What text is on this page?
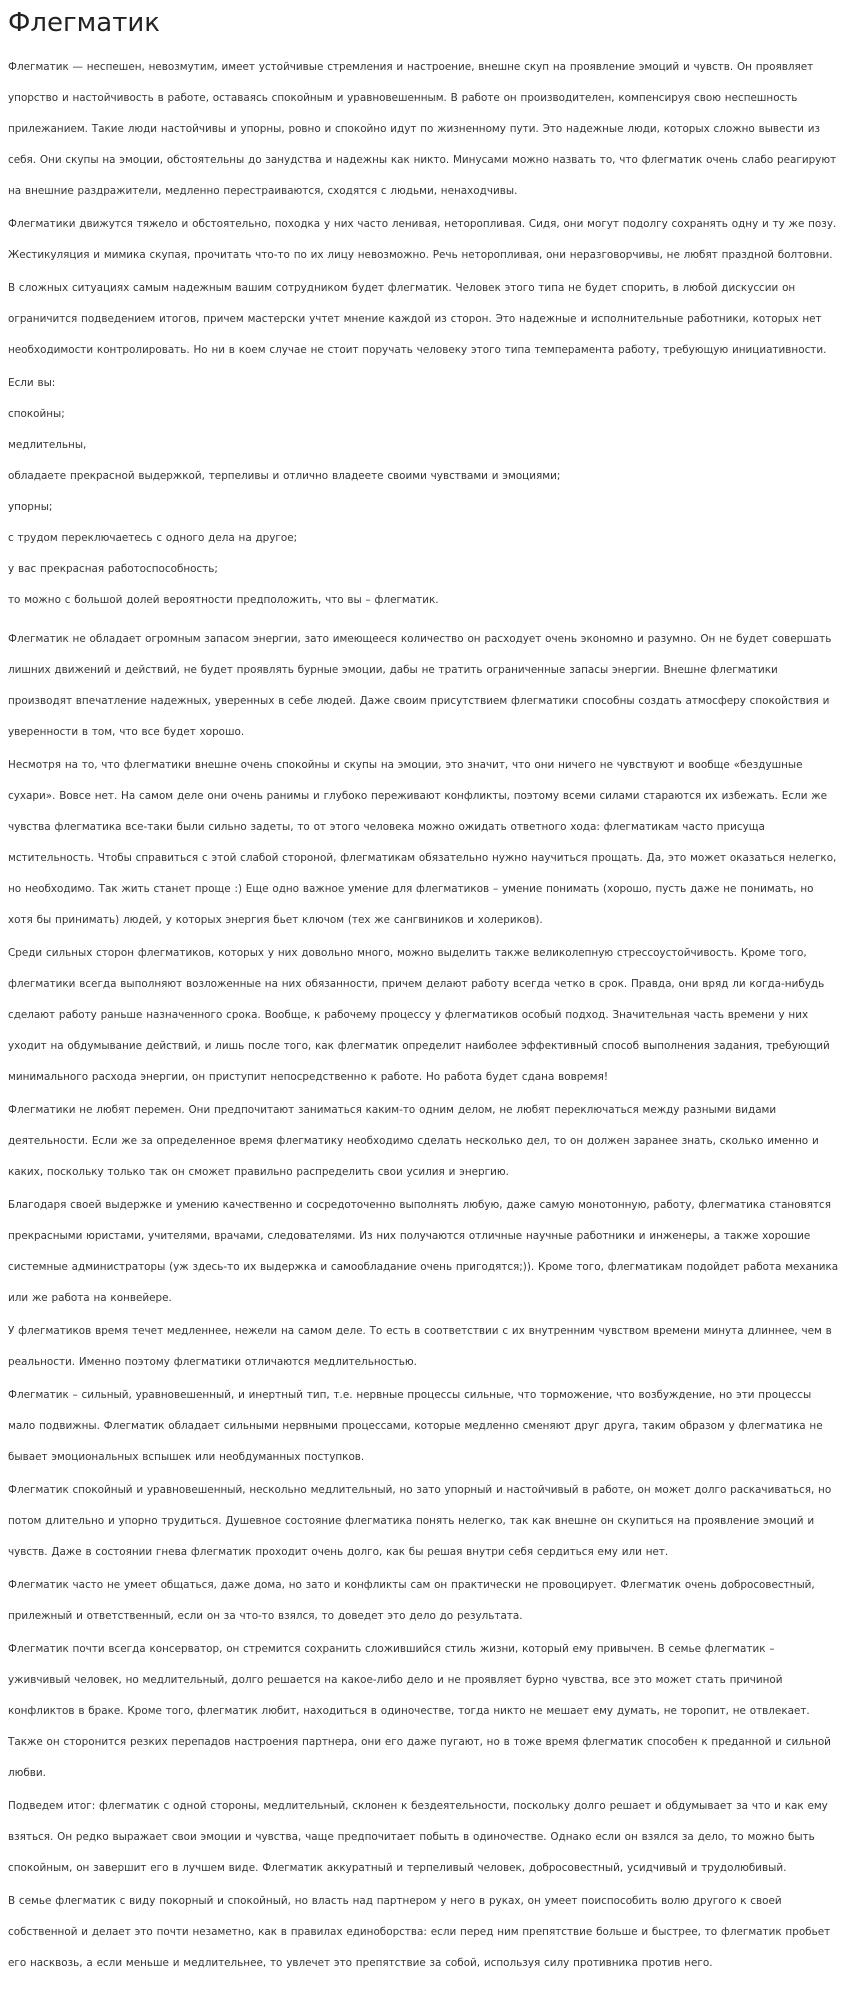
Флегматик

Флегматик — неспешен, невозмутим, имеет устойчивые стремления и настроение, внешне скуп на проявление эмоций и чувств. Он проявляет упорство и настойчивость в работе, оставаясь спокойным и уравновешенным. В работе он производителен, компенсируя свою неспешность прилежанием. Такие люди настойчивы и упорны, ровно и спокойно идут по жизненному пути. Это надежные люди, которых сложно вывести из себя. Они скупы на эмоции, обстоятельны до занудства и надежны как никто. Минусами можно назвать то, что флегматик очень слабо реагируют на внешние раздражители, медленно перестраиваются, сходятся с людьми, ненаходчивы.

Флегматики движутся тяжело и обстоятельно, походка у них часто ленивая, неторопливая. Сидя, они могут подолгу сохранять одну и ту же позу. Жестикуляция и мимика скупая, прочитать что-то по их лицу невозможно. Речь неторопливая, они неразговорчивы, не любят праздной болтовни.

В сложных ситуациях самым надежным вашим сотрудником будет флегматик. Человек этого типа не будет спорить, в любой дискуссии он ограничится подведением итогов, причем мастерски учтет мнение каждой из сторон. Это надежные и исполнительные работники, которых нет необходимости контролировать. Но ни в коем случае не стоит поручать человеку этого типа темперамента работу, требующую инициативности.

Если вы:

спокойны;

медлительны,

обладаете прекрасной выдержкой, терпеливы и отлично владеете своими чувствами и эмоциями;

упорны;

с трудом переключаетесь с одного дела на другое;

у вас прекрасная работоспособность;

то можно с большой долей вероятности предположить, что вы – флегматик.

Флегматик не обладает огромным запасом энергии, зато имеющееся количество он расходует очень экономно и разумно. Он не будет совершать лишних движений и действий, не будет проявлять бурные эмоции, дабы не тратить ограниченные запасы энергии. Внешне флегматики производят впечатление надежных, уверенных в себе людей. Даже своим присутствием флегматики способны создать атмосферу спокойствия и уверенности в том, что все будет хорошо.

Несмотря на то, что флегматики внешне очень спокойны и скупы на эмоции, это значит, что они ничего не чувствуют и вообще «бездушные сухари». Вовсе нет. На самом деле они очень ранимы и глубоко переживают конфликты, поэтому всеми силами стараются их избежать. Если же чувства флегматика все-таки были сильно задеты, то от этого человека можно ожидать ответного хода: флегматикам часто присуща мстительность. Чтобы справиться с этой слабой стороной, флегматикам обязательно нужно научиться прощать. Да, это может оказаться нелегко, но необходимо. Так жить станет проще :) Еще одно важное умение для флегматиков – умение понимать (хорошо, пусть даже не понимать, но хотя бы принимать) людей, у которых энергия бьет ключом (тех же сангвиников и холериков).

Среди сильных сторон флегматиков, которых у них довольно много, можно выделить также великолепную стрессоустойчивость. Кроме того, флегматики всегда выполняют возложенные на них обязанности, причем делают работу всегда четко в срок. Правда, они вряд ли когда-нибудь сделают работу раньше назначенного срока. Вообще, к рабочему процессу у флегматиков особый подход. Значительная часть времени у них уходит на обдумывание действий, и лишь после того, как флегматик определит наиболее эффективный способ выполнения задания, требующий минимального расхода энергии, он приступит непосредственно к работе. Но работа будет сдана вовремя!

Флегматики не любят перемен. Они предпочитают заниматься каким-то одним делом, не любят переключаться между разными видами деятельности. Если же за определенное время флегматику необходимо сделать несколько дел, то он должен заранее знать, сколько именно и каких, поскольку только так он сможет правильно распределить свои усилия и энергию.

Благодаря своей выдержке и умению качественно и сосредоточенно выполнять любую, даже самую монотонную, работу, флегматика становятся прекрасными юристами, учителями, врачами, следователями. Из них получаются отличные научные работники и инженеры, а также хорошие системные администраторы (уж здесь-то их выдержка и самообладание очень пригодятся;)). Кроме того, флегматикам подойдет работа механика или же работа на конвейере.

У флегматиков время течет медленнее, нежели на самом деле. То есть в соответствии с их внутренним чувством времени минута длиннее, чем в реальности. Именно поэтому флегматики отличаются медлительностью.

Флегматик – сильный, уравновешенный, и инертный тип, т.е. нервные процессы сильные, что торможение, что возбуждение, но эти процессы мало подвижны. Флегматик обладает сильными нервными процессами, которые медленно сменяют друг друга, таким образом у флегматика не бывает эмоциональных вспышек или необдуманных поступков.

Флегматик спокойный и уравновешенный, нескольно медлительный, но зато упорный и настойчивый в работе, он может долго раскачиваться, но потом длительно и упорно трудиться. Душевное состояние флегматика понять нелегко, так как внешне он скупиться на проявление эмоций и чувств. Даже в состоянии гнева флегматик проходит очень долго, как бы решая внутри себя сердиться ему или нет.

Флегматик часто не умеет общаться, даже дома, но зато и конфликты сам он практически не провоцирует. Флегматик очень добросовестный, прилежный и ответственный, если он за что-то взялся, то доведет это дело до результата.

Флегматик почти всегда консерватор, он стремится сохранить сложившийся стиль жизни, который ему привычен. В семье флегматик – уживчивый человек, но медлительный, долго решается на какое-либо дело и не проявляет бурно чувства, все это может стать причиной конфликтов в браке. Кроме того, флегматик любит, находиться в одиночестве, тогда никто не мешает ему думать, не торопит, не отвлекает. Также он сторонится резких перепадов настроения партнера, они его даже пугают, но в тоже время флегматик способен к преданной и сильной любви.

Подведем итог: флегматик с одной стороны, медлительный, склонен к бездеятельности, поскольку долго решает и обдумывает за что и как ему взяться. Он редко выражает свои эмоции и чувства, чаще предпочитает побыть в одиночестве. Однако если он взялся за дело, то можно быть спокойным, он завершит его в лучшем виде. Флегматик аккуратный и терпеливый человек, добросовестный, усидчивый и трудолюбивый.

В семье флегматик с виду покорный и спокойный, но власть над партнером у него в руках, он умеет поиспособить волю другого к своей собственной и делает это почти незаметно, как в правилах единоборства: если перед ним препятствие больше и быстрее, то флегматик пробьет его насквозь, а если меньше и медлительнее, то увлечет это препятствие за собой, используя силу противника против него.
